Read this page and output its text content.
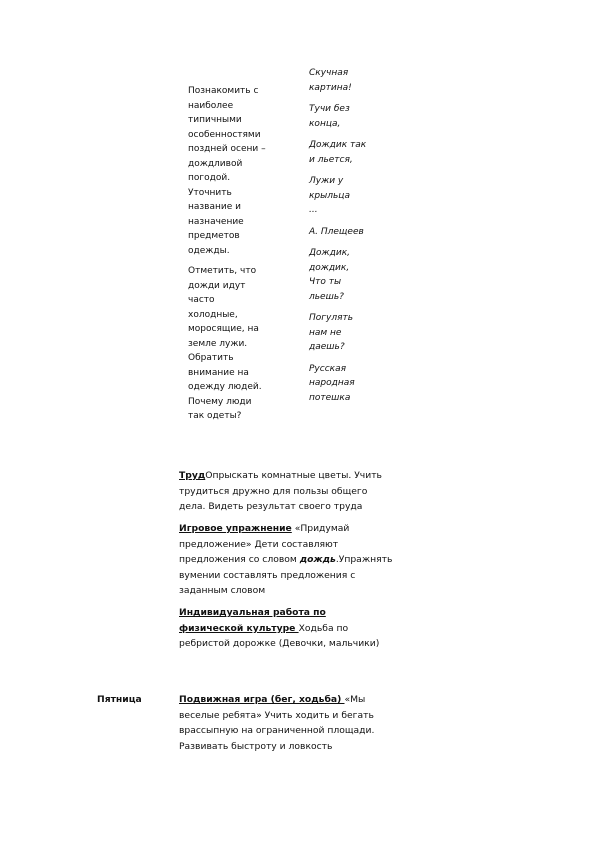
Познакомить с
наиболее
типичными
особенностями
поздней осени –
дождливой
погодой.
Уточнить
название и
назначение
предметов
одежды.

Отметить, что
дожди идут
часто
холодные,
моросящие, на
земле лужи.
Обратить
внимание на
одежду людей.
Почему люди
так одеты?

Скучная
картина!

Тучи без
конца,

Дождик так
и льется,

Лужи у
крыльца
...

А. Плещеев

Дождик,
дождик,
Что ты
льешь?

Погулять
нам не
даешь?

Русская
народная
потешка

ТрудОпрыскать комнатные цветы. Учить
трудиться дружно для пользы общего
дела. Видеть результат своего труда
Игровое упражнение «Придумай
предложение» Дети составляют
предложения со словом дождь.Упражнять
вумении составлять предложения с
заданным словом
Индивидуальная работа по
физической культуре Ходьба по
ребристой дорожке (Девочки, мальчики)
Пятница	Подвижная игра (бег, ходьба) «Мы
веселые ребята» Учить ходить и бегать
врассыпную на ограниченной площади.
Развивать быстроту и ловкость
